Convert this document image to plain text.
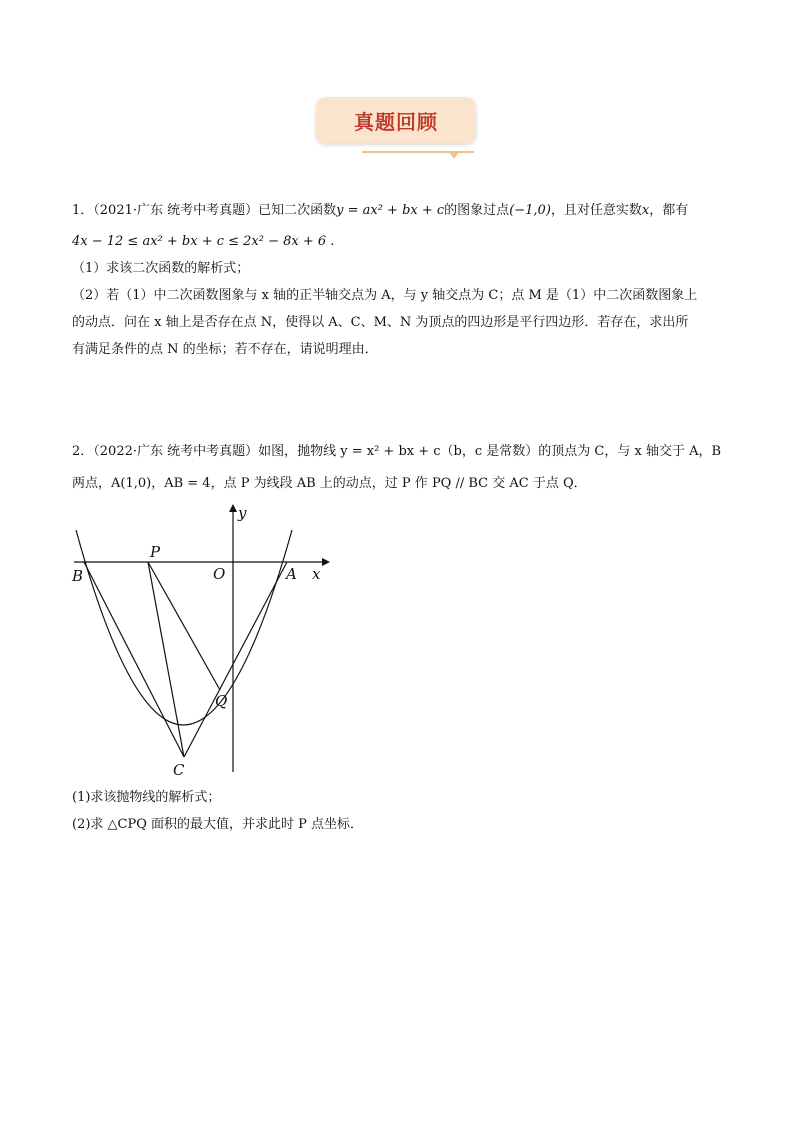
真题回顾
1．（2021·广东 统考中考真题）已知二次函数y = ax² + bx + c的图象过点(−1,0)，且对任意实数x，都有
4x − 12 ≤ ax² + bx + c ≤ 2x² − 8x + 6 .
（1）求该二次函数的解析式；
（2）若（1）中二次函数图象与 x 轴的正半轴交点为 A，与 y 轴交点为 C；点 M 是（1）中二次函数图象上
的动点．问在 x 轴上是否存在点 N，使得以 A、C、M、N 为顶点的四边形是平行四边形．若存在，求出所
有满足条件的点 N 的坐标；若不存在，请说明理由．
2．（2022·广东 统考中考真题）如图，抛物线 y = x² + bx + c（b，c 是常数）的顶点为 C，与 x 轴交于 A，B
两点，A(1,0)，AB = 4，点 P 为线段 AB 上的动点，过 P 作 PQ // BC 交 AC 于点 Q．
y
x
O	A
B
P
Q
C
(1)求该抛物线的解析式；
(2)求 △CPQ 面积的最大值，并求此时 P 点坐标．
